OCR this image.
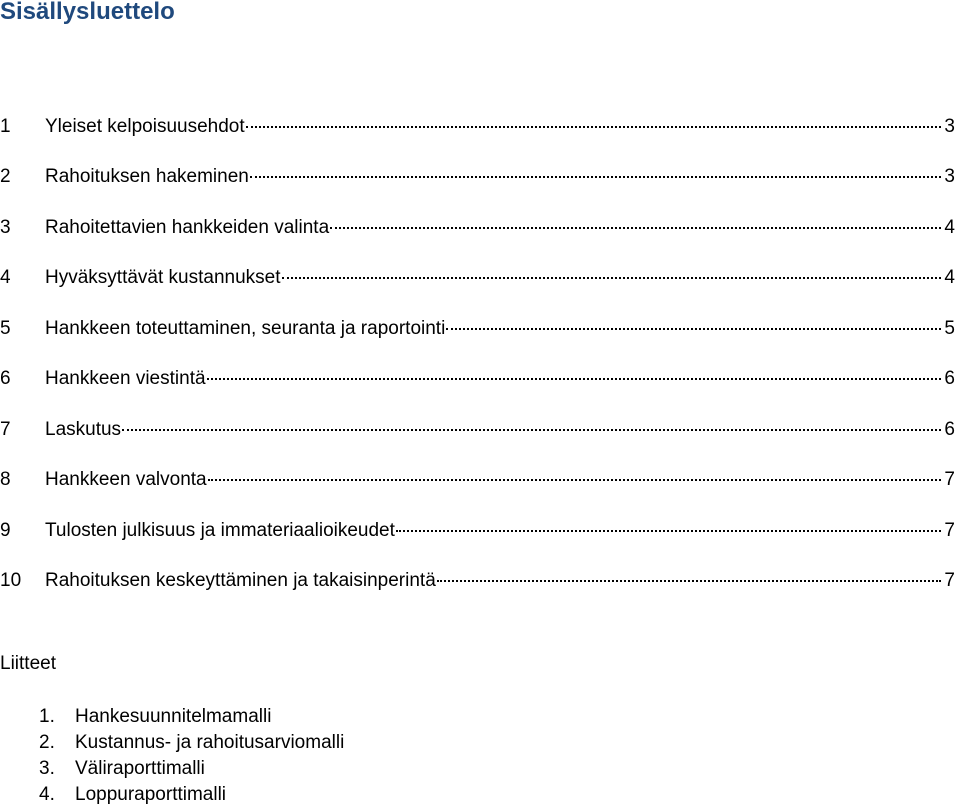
Sisällysluettelo
1	Yleiset kelpoisuusehdot	3
2	Rahoituksen hakeminen	3
3	Rahoitettavien hankkeiden valinta	4
4	Hyväksyttävät kustannukset	4
5	Hankkeen toteuttaminen, seuranta ja raportointi	5
6	Hankkeen viestintä	6
7	Laskutus	6
8	Hankkeen valvonta	7
9	Tulosten julkisuus ja immateriaalioikeudet	7
10	Rahoituksen keskeyttäminen ja takaisinperintä	7
Liitteet
1.	Hankesuunnitelmamalli
2.	Kustannus- ja rahoitusarviomalli
3.	Väliraporttimalli
4.	Loppuraporttimalli
